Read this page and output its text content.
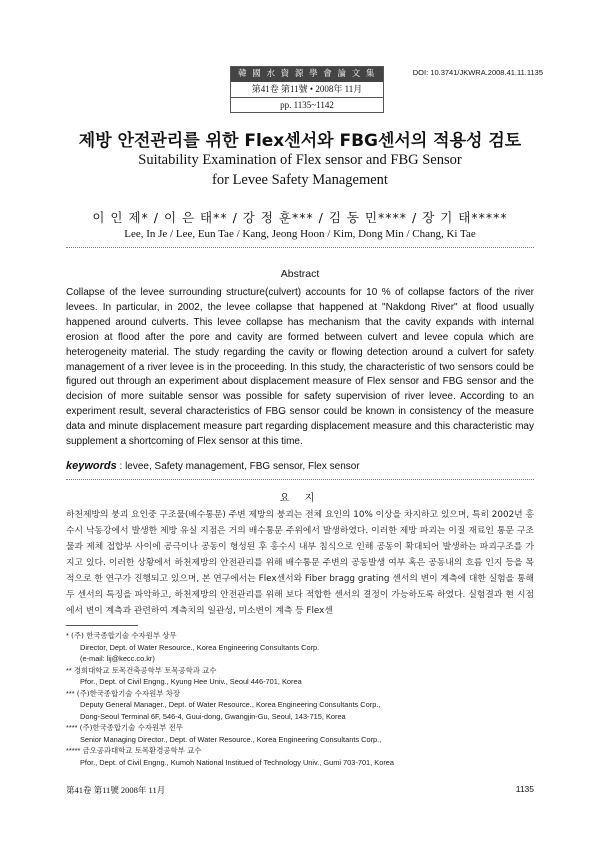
韓 國 水 資 源 學 會 論 文 集
第41卷 第11號 • 2008年 11月
pp. 1135~1142
DOI: 10.3741/JKWRA.2008.41.11.1135
제방 안전관리를 위한 Flex센서와 FBG센서의 적용성 검토
Suitability Examination of Flex sensor and FBG Sensor
for Levee Safety Management
이 인 제* / 이 은 태** / 강 정 훈*** / 김 동 민**** / 장 기 태*****
Lee, In Je / Lee, Eun Tae / Kang, Jeong Hoon / Kim, Dong Min / Chang, Ki Tae
Abstract
Collapse of the levee surrounding structure(culvert) accounts for 10 % of collapse factors of the river levees. In particular, in 2002, the levee collapse that happened at "Nakdong River" at flood usually happened around culverts. This levee collapse has mechanism that the cavity expands with internal erosion at flood after the pore and cavity are formed between culvert and levee copula which are heterogeneity material. The study regarding the cavity or flowing detection around a culvert for safety management of a river levee is in the proceeding. In this study, the characteristic of two sensors could be figured out through an experiment about displacement measure of Flex sensor and FBG sensor and the decision of more suitable sensor was possible for safety supervision of river levee. According to an experiment result, several characteristics of FBG sensor could be known in consistency of the measure data and minute displacement measure part regarding displacement measure and this characteristic may supplement a shortcoming of Flex sensor at this time.
keywords : levee, Safety management, FBG sensor, Flex sensor
요 지
하천제방의 붕괴 요인중 구조물(배수통문) 주변 제방의 붕괴는 전체 요인의 10% 이상을 차지하고 있으며, 특히 2002년 홍수시 낙동강에서 발생한 제방 유실 지점은 거의 배수통문 주위에서 발생하였다. 이러한 제방 파괴는 이질 재료인 통문 구조물과 제체 접합부 사이에 공극이나 공동이 형성된 후 홍수시 내부 침식으로 인해 공동이 확대되어 발생하는 파괴구조를 가지고 있다. 이러한 상황에서 하천제방의 안전관리를 위해 배수통문 주변의 공동발생 여부 혹은 공동내의 흐름 인지 등을 목적으로 한 연구가 진행되고 있으며, 본 연구에서는 Flex센서와 Fiber bragg grating 센서의 변이 계측에 대한 실험을 통해 두 센서의 특징을 파악하고, 하천제방의 안전관리를 위해 보다 적합한 센서의 결정이 가능하도록 하였다. 실험결과 현 시점에서 변이 계측과 관련하여 계측치의 일관성, 미소변이 계측 등 Flex센
* (주) 한국종합기술 수자원부 상무
Director, Dept. of Water Resource., Korea Engineering Consultants Corp.
(e-mail: lij@kecc.co.kr)
** 경희대학교 토목건축공학부 토목공학과 교수
Pfor., Dept. of Civil Engng., Kyung Hee Univ., Seoul 446-701, Korea
*** (주)한국종합기술 수자원부 차장
Deputy General Manager., Dept. of Water Resource., Korea Engineering Consultants Corp.,
Dong-Seoul Terminal 6F, 546-4, Guui-dong, Gwangjin-Gu, Seoul, 143-715, Korea
**** (주)한국종합기술 수자원부 전무
Senior Managing Director., Dept. of Water Resource., Korea Engineering Consultants Corp.,
***** 금오공과대학교 토목환경공학부 교수
Pfor., Dept. of Civil Engng., Kumoh National Institued of Technology Univ., Gumi 703-701, Korea
第41卷 第11號 2008年 11月	1135
